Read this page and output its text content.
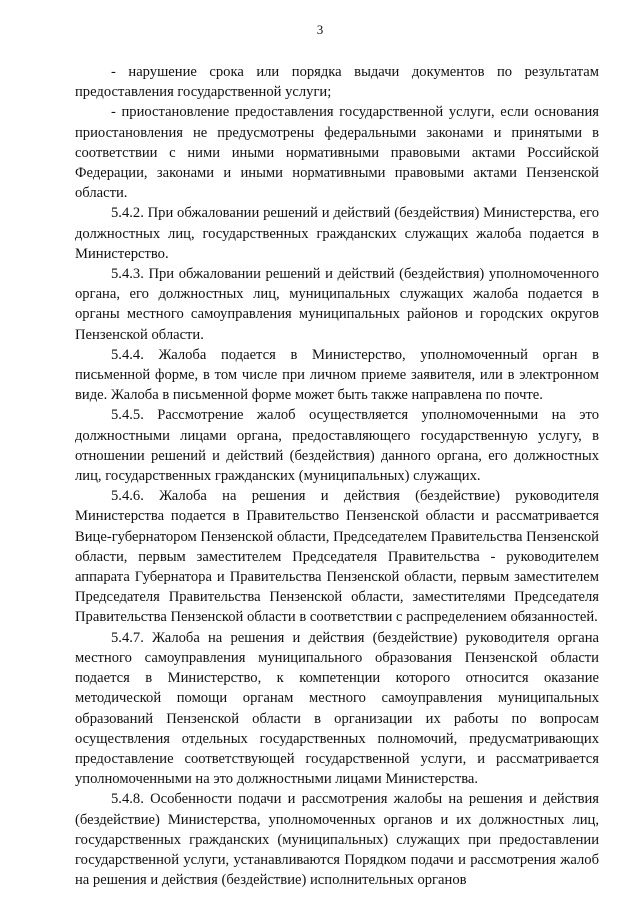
3

- нарушение срока или порядка выдачи документов по результатам предоставления государственной услуги;

- приостановление предоставления государственной услуги, если основания приостановления не предусмотрены федеральными законами и принятыми в соответствии с ними иными нормативными правовыми актами Российской Федерации, законами и иными нормативными правовыми актами Пензенской области.

5.4.2. При обжаловании решений и действий (бездействия) Министерства, его должностных лиц, государственных гражданских служащих жалоба подается в Министерство.

5.4.3. При обжаловании решений и действий (бездействия) уполномоченного органа, его должностных лиц, муниципальных служащих жалоба подается в органы местного самоуправления муниципальных районов и городских округов Пензенской области.

5.4.4. Жалоба подается в Министерство, уполномоченный орган в письменной форме, в том числе при личном приеме заявителя, или в электронном виде. Жалоба в письменной форме может быть также направлена по почте.

5.4.5. Рассмотрение жалоб осуществляется уполномоченными на это должностными лицами органа, предоставляющего государственную услугу, в отношении решений и действий (бездействия) данного органа, его должностных лиц, государственных гражданских (муниципальных) служащих.

5.4.6. Жалоба на решения и действия (бездействие) руководителя Министерства подается в Правительство Пензенской области и рассматривается Вице-губернатором Пензенской области, Председателем Правительства Пензенской области, первым заместителем Председателя Правительства - руководителем аппарата Губернатора и Правительства Пензенской области, первым заместителем Председателя Правительства Пензенской области, заместителями Председателя Правительства Пензенской области в соответствии с распределением обязанностей.

5.4.7. Жалоба на решения и действия (бездействие) руководителя органа местного самоуправления муниципального образования Пензенской области подается в Министерство, к компетенции которого относится оказание методической помощи органам местного самоуправления муниципальных образований Пензенской области в организации их работы по вопросам осуществления отдельных государственных полномочий, предусматривающих предоставление соответствующей государственной услуги, и рассматривается уполномоченными на это должностными лицами Министерства.

5.4.8. Особенности подачи и рассмотрения жалобы на решения и действия (бездействие) Министерства, уполномоченных органов и их должностных лиц, государственных гражданских (муниципальных) служащих при предоставлении государственной услуги, устанавливаются Порядком подачи и рассмотрения жалоб на решения и действия (бездействие) исполнительных органов
